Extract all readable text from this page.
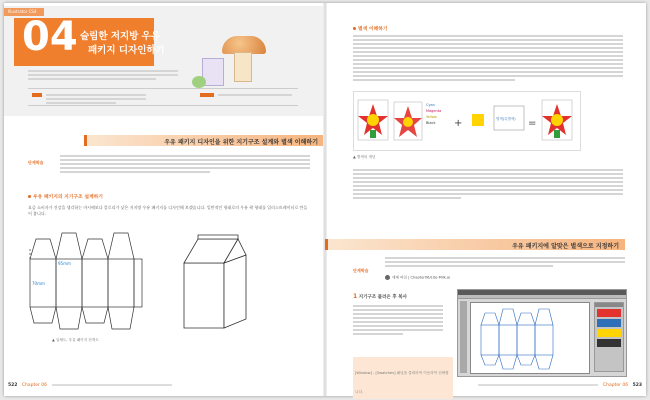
Illustrator CS4
04 슬림한 저지방 우유
패키지 디자인하기
우유 패키지 디자인을 위한 지기구조 설계와 별색 이해하기
단계학습
우유 패키지의 지기구조 설계하기
요즘 소비자가 건강을 생각하는 마시에보다 칼로리가 낮은 저지방 우유 패키지를 디자인해 보겠습니다. 일반적인 형태로의 우유 곽 형태를 일러스트레이터로 만들어 봅니다.
70mm
95mm
▲ 입체도, 우유 패키지 전개도
522 Chapter 06
별색 이해하기
Cyan
Magenta
Yellow
Black +	별색(특별색) =
▲ 별색의 개념
우유 패키지에 알맞은 별색으로 지정하기
단계학습
예제 파일 | Chapter06/Lite-Milk.ai
1 지기구조 불러온 후 복사
[Window] - [Swatches] 패널을 클릭하여 이동하여 선택합니다.
Chapter 06 523
